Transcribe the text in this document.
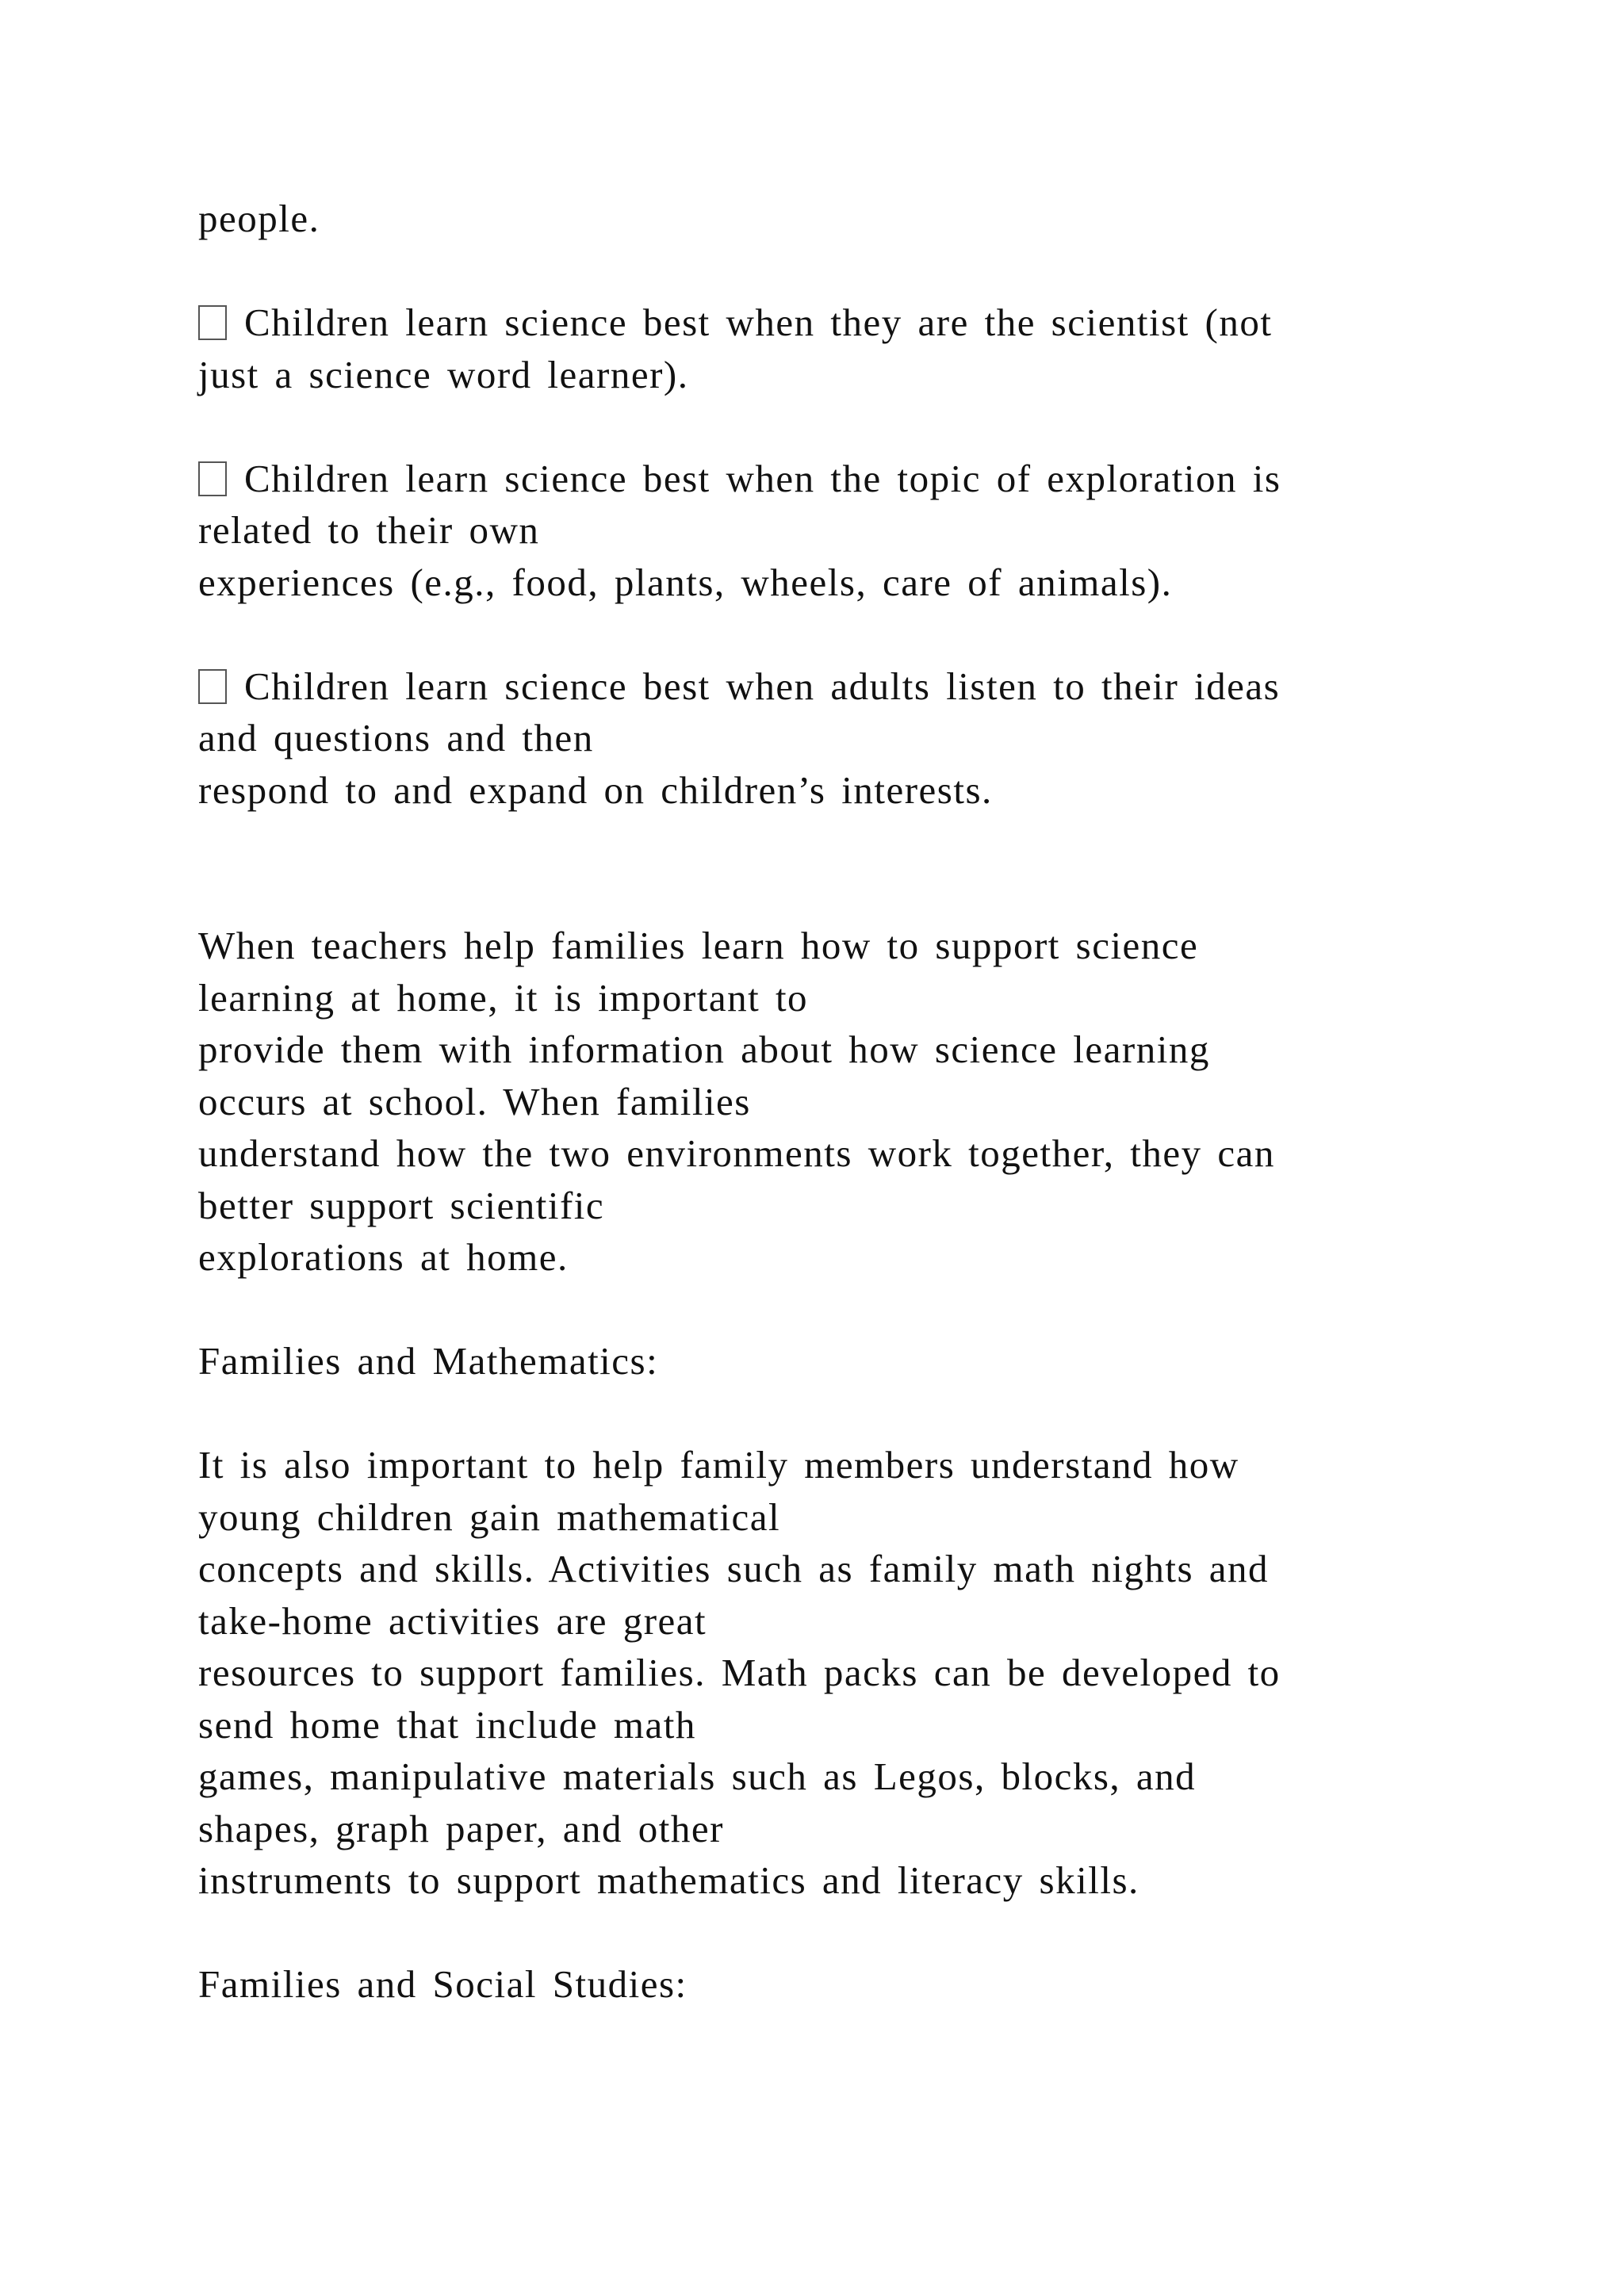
people.
Children learn science best when they are the scientist (not
just a science word learner).
Children learn science best when the topic of exploration is
related to their own
experiences (e.g., food, plants, wheels, care of animals).
Children learn science best when adults listen to their ideas
and questions and then
respond to and expand on children’s interests.
When teachers help families learn how to support science
learning at home, it is important to
provide them with information about how science learning
occurs at school. When families
understand how the two environments work together, they can
better support scientific
explorations at home.
Families and Mathematics:
It is also important to help family members understand how
young children gain mathematical
concepts and skills. Activities such as family math nights and
take-home activities are great
resources to support families. Math packs can be developed to
send home that include math
games, manipulative materials such as Legos, blocks, and
shapes, graph paper, and other
instruments to support mathematics and literacy skills.
Families and Social Studies:
